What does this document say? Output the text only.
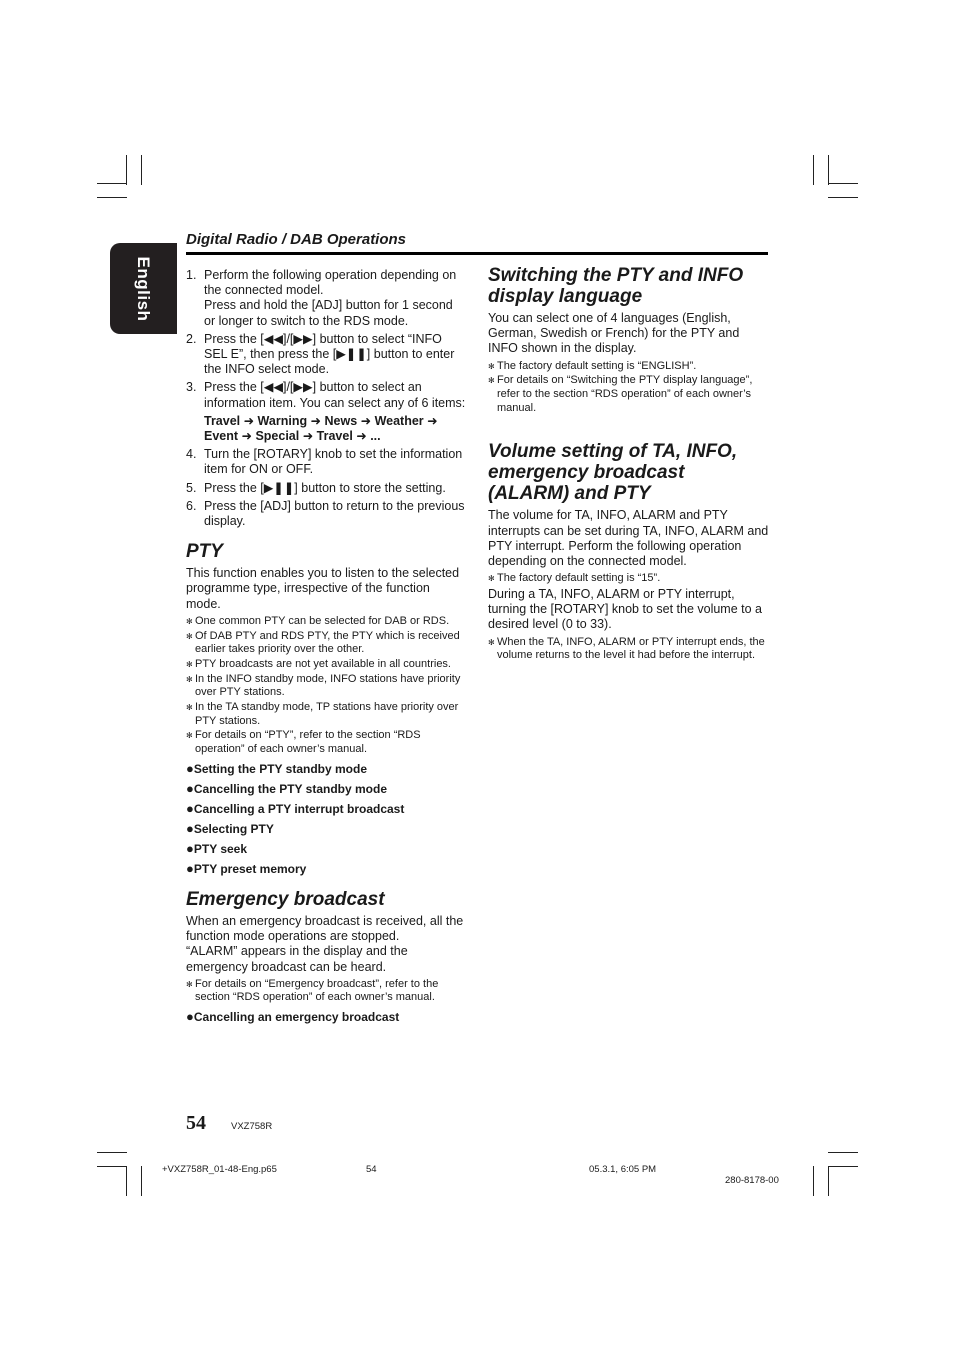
English
Digital Radio / DAB Operations
1. Perform the following operation depending on the connected model.
Press and hold the [ADJ] button for 1 second or longer to switch to the RDS mode.
2. Press the [◀◀]/[▶▶] button to select “INFO SEL E”, then press the [▶❚❚] button to enter the INFO select mode.
3. Press the [◀◀]/[▶▶] button to select an information item. You can select any of 6 items:
Travel ➜ Warning ➜ News ➜ Weather ➜ Event ➜ Special ➜ Travel ➜ ...
4. Turn the [ROTARY] knob to set the information item for ON or OFF.
5. Press the [▶❚❚] button to store the setting.
6. Press the [ADJ] button to return to the previous display.
PTY
This function enables you to listen to the selected programme type, irrespective of the function mode.
✻ One common PTY can be selected for DAB or RDS.
✻ Of DAB PTY and RDS PTY, the PTY which is received earlier takes priority over the other.
✻ PTY broadcasts are not yet available in all countries.
✻ In the INFO standby mode, INFO stations have priority over PTY stations.
✻ In the TA standby mode, TP stations have priority over PTY stations.
✻ For details on “PTY”, refer to the section “RDS operation” of each owner’s manual.
●Setting the PTY standby mode
●Cancelling the PTY standby mode
●Cancelling a PTY interrupt broadcast
●Selecting PTY
●PTY seek
●PTY preset memory
Emergency broadcast
When an emergency broadcast is received, all the function mode operations are stopped.
“ALARM” appears in the display and the emergency broadcast can be heard.
✻ For details on “Emergency broadcast”, refer to the section “RDS operation” of each owner’s manual.
●Cancelling an emergency broadcast
Switching the PTY and INFO display language
You can select one of 4 languages (English, German, Swedish or French) for the PTY and INFO shown in the display.
✻ The factory default setting is “ENGLISH”.
✻ For details on “Switching the PTY display language”, refer to the section “RDS operation” of each owner’s manual.
Volume setting of TA, INFO, emergency broadcast (ALARM) and PTY
The volume for TA, INFO, ALARM and PTY interrupts can be set during TA, INFO, ALARM and PTY interrupt. Perform the following operation depending on the connected model.
✻ The factory default setting is “15”.
During a TA, INFO, ALARM or PTY interrupt, turning the [ROTARY] knob to set the volume to a desired level (0 to 33).
✻ When the TA, INFO, ALARM or PTY interrupt ends, the volume returns to the level it had before the interrupt.
54	VXZ758R
+VXZ758R_01-48-Eng.p65	54	05.3.1, 6:05 PM
280-8178-00
